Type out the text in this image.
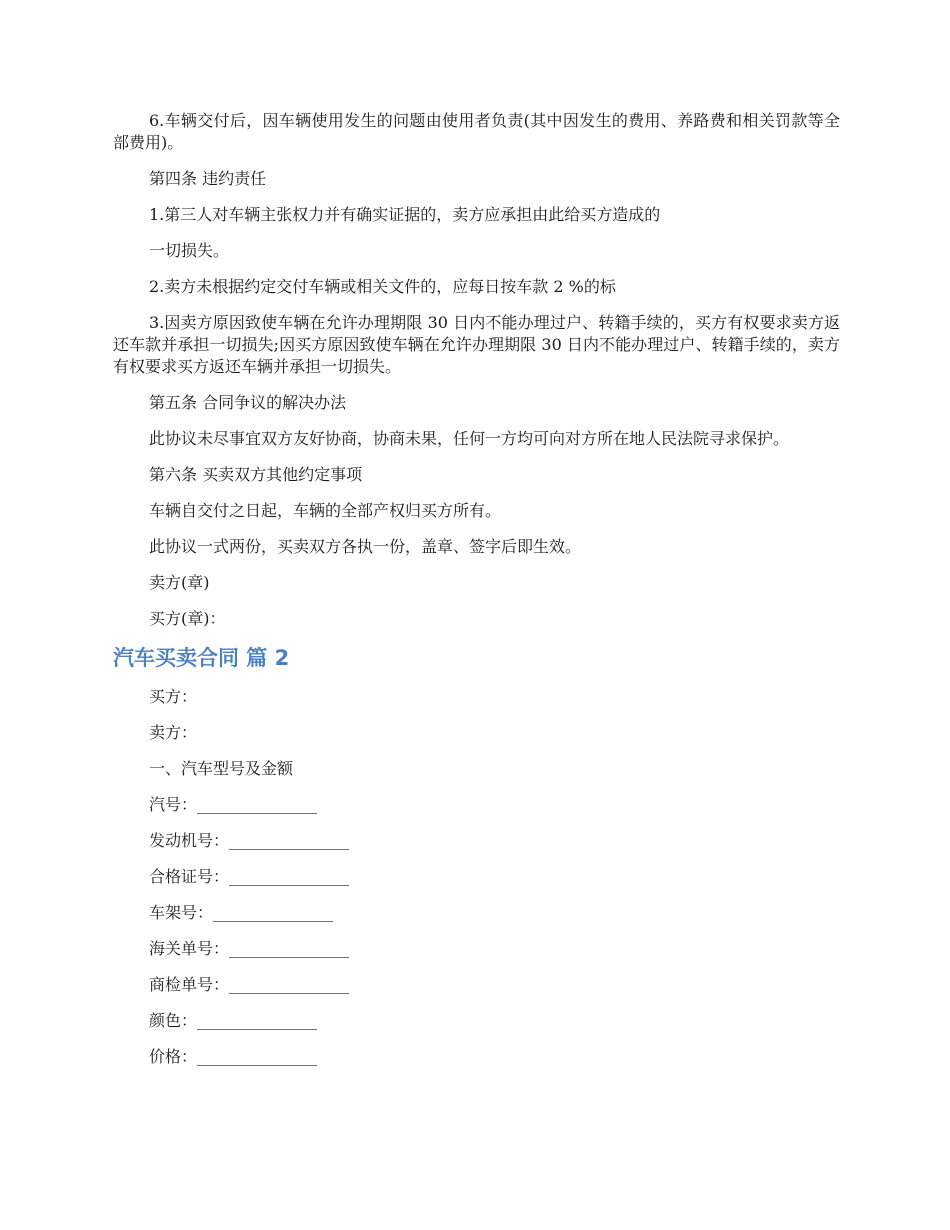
6.车辆交付后，因车辆使用发生的问题由使用者负责(其中因发生的费用、养路费和相关罚款等全部费用)。

第四条 违约责任

1.第三人对车辆主张权力并有确实证据的，卖方应承担由此给买方造成的

一切损失。

2.卖方未根据约定交付车辆或相关文件的，应每日按车款 2 %的标

3.因卖方原因致使车辆在允许办理期限 30 日内不能办理过户、转籍手续的，买方有权要求卖方返还车款并承担一切损失;因买方原因致使车辆在允许办理期限 30 日内不能办理过户、转籍手续的，卖方有权要求买方返还车辆并承担一切损失。

第五条 合同争议的解决办法

此协议未尽事宜双方友好协商，协商未果，任何一方均可向对方所在地人民法院寻求保护。

第六条 买卖双方其他约定事项

车辆自交付之日起，车辆的全部产权归买方所有。

此协议一式两份，买卖双方各执一份，盖章、签字后即生效。

卖方(章)

买方(章)：

汽车买卖合同 篇 2

买方：

卖方：

一、汽车型号及金额

汽号：_______________
发动机号：_______________
合格证号：_______________
车架号：_______________
海关单号：_______________
商检单号：_______________
颜色：_______________
价格：_______________
